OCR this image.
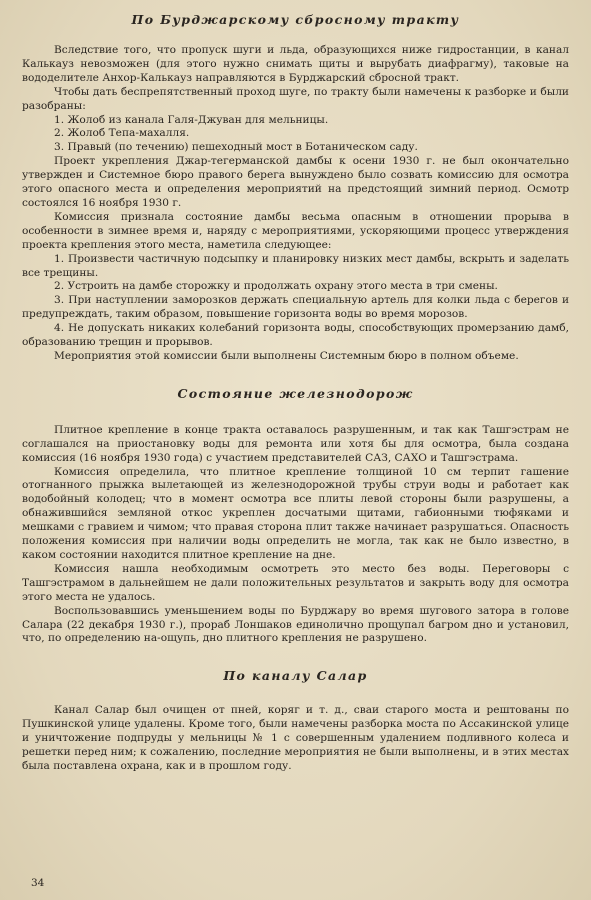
По Бурджарскому сбросному тракту

Вследствие того, что пропуск шуги и льда, образующихся ниже гидростанции, в канал Калькауз невозможен (для этого нужно снимать щиты и вырубать диафрагму), таковые на вододелителе Анхор-Калькауз направляются в Бурджарский сбросной тракт.

Чтобы дать беспрепятственный проход шуге, по тракту были намечены к разборке и были разобраны:

1. Жолоб из канала Галя-Джуван для мельницы.

2. Жолоб Тепа-махалля.

3. Правый (по течению) пешеходный мост в Ботаническом саду.

Проект укрепления Джар-тегерманской дамбы к осени 1930 г. не был окончательно утвержден и Системное бюро правого берега вынуждено было созвать комиссию для осмотра этого опасного места и определения мероприятий на предстоящий зимний период. Осмотр состоялся 16 ноября 1930 г.

Комиссия признала состояние дамбы весьма опасным в отношении прорыва в особенности в зимнее время и, наряду с мероприятиями, ускоряющими процесс утверждения проекта крепления этого места, наметила следующее:

1. Произвести частичную подсыпку и планировку низких мест дамбы, вскрыть и заделать все трещины.

2. Устроить на дамбе сторожку и продолжать охрану этого места в три смены.

3. При наступлении заморозков держать специальную артель для колки льда с берегов и предупреждать, таким образом, повышение горизонта воды во время морозов.

4. Не допускать никаких колебаний горизонта воды, способствующих промерзанию дамб, образованию трещин и прорывов.

Мероприятия этой комиссии были выполнены Системным бюро в полном объеме.

Состояние железнодорож

Плитное крепление в конце тракта оставалось разрушенным, и так как Ташгэстрам не соглашался на приостановку воды для ремонта или хотя бы для осмотра, была создана комиссия (16 ноября 1930 года) с участием представителей САЗ, САХО и Ташгэстрама.

Комиссия определила, что плитное крепление толщиной 10 см терпит гашение отогнанного прыжка вылетающей из железнодорожной трубы струи воды и работает как водобойный колодец; что в момент осмотра все плиты левой стороны были разрушены, а обнажившийся земляной откос укреплен досчатыми щитами, габионными тюфяками и мешками с гравием и чимом; что правая сторона плит также начинает разрушаться. Опасность положения комиссия при наличии воды определить не могла, так как не было известно, в каком состоянии находится плитное крепление на дне.

Комиссия нашла необходимым осмотреть это место без воды. Переговоры с Ташгэстрамом в дальнейшем не дали положительных результатов и закрыть воду для осмотра этого места не удалось.

Воспользовавшись уменьшением воды по Бурджару во время шугового затора в голове Салара (22 декабря 1930 г.), прораб Лоншаков единолично прощупал багром дно и установил, что, по определению на-ощупь, дно плитного крепления не разрушено.

По каналу Салар

Канал Салар был очищен от пней, коряг и т. д., сваи старого моста и рештованы по Пушкинской улице удалены. Кроме того, были намечены разборка моста по Ассакинской улице и уничтожение подпруды у мельницы № 1 с совершенным удалением подливного колеса и решетки перед ним; к сожалению, последние мероприятия не были выполнены, и в этих местах была поставлена охрана, как и в прошлом году.

34
